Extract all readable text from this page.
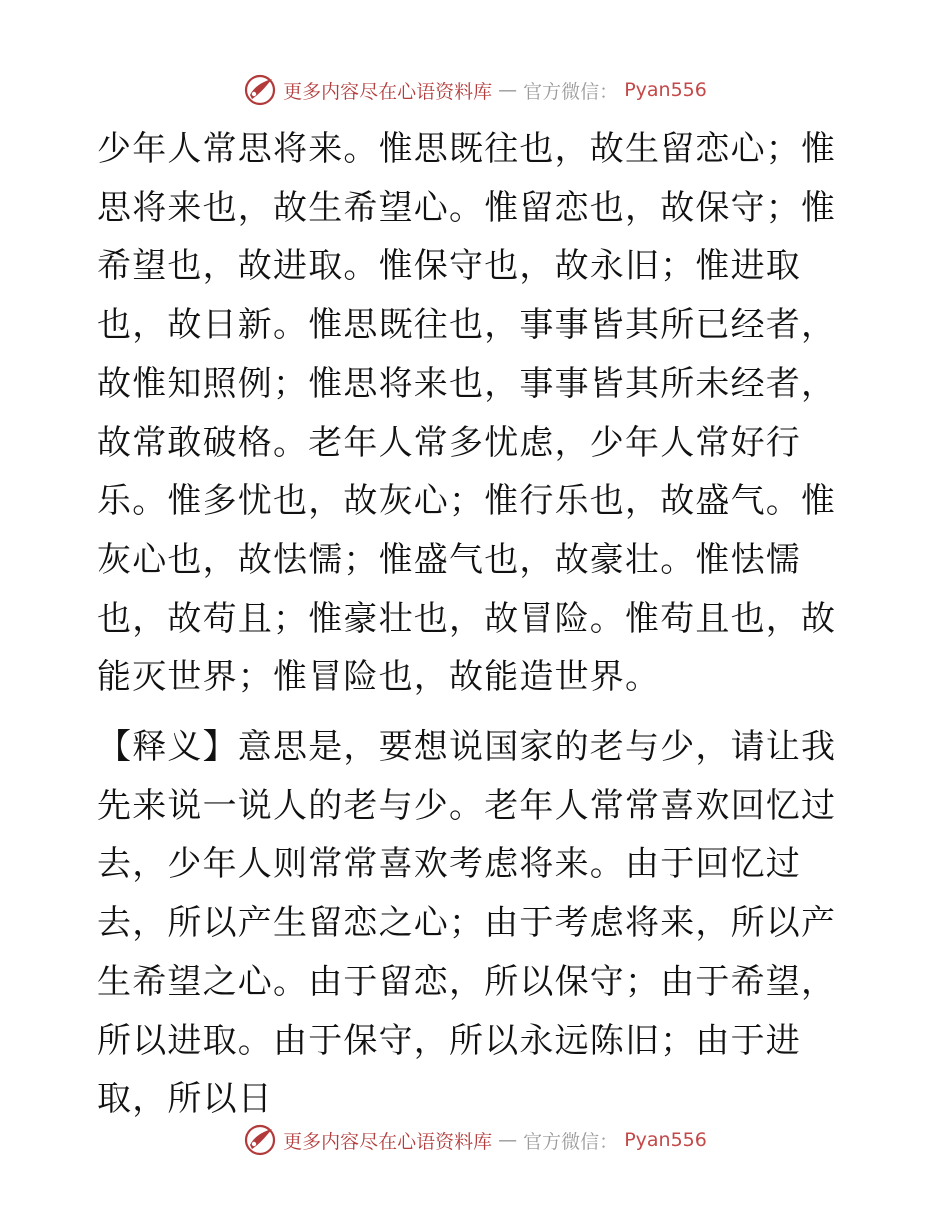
更多内容尽在心语资料库 — 官方微信： Pyan556

少年人常思将来。惟思既往也，故生留恋心；惟思将来也，故生希望心。惟留恋也，故保守；惟希望也，故进取。惟保守也，故永旧；惟进取也，故日新。惟思既往也，事事皆其所已经者，故惟知照例；惟思将来也，事事皆其所未经者，故常敢破格。老年人常多忧虑，少年人常好行乐。惟多忧也，故灰心；惟行乐也，故盛气。惟灰心也，故怯懦；惟盛气也，故豪壮。惟怯懦也，故苟且；惟豪壮也，故冒险。惟苟且也，故能灭世界；惟冒险也，故能造世界。

【释义】意思是，要想说国家的老与少，请让我先来说一说人的老与少。老年人常常喜欢回忆过去，少年人则常常喜欢考虑将来。由于回忆过去，所以产生留恋之心；由于考虑将来，所以产生希望之心。由于留恋，所以保守；由于希望，所以进取。由于保守，所以永远陈旧；由于进取，所以日

更多内容尽在心语资料库 — 官方微信： Pyan556
